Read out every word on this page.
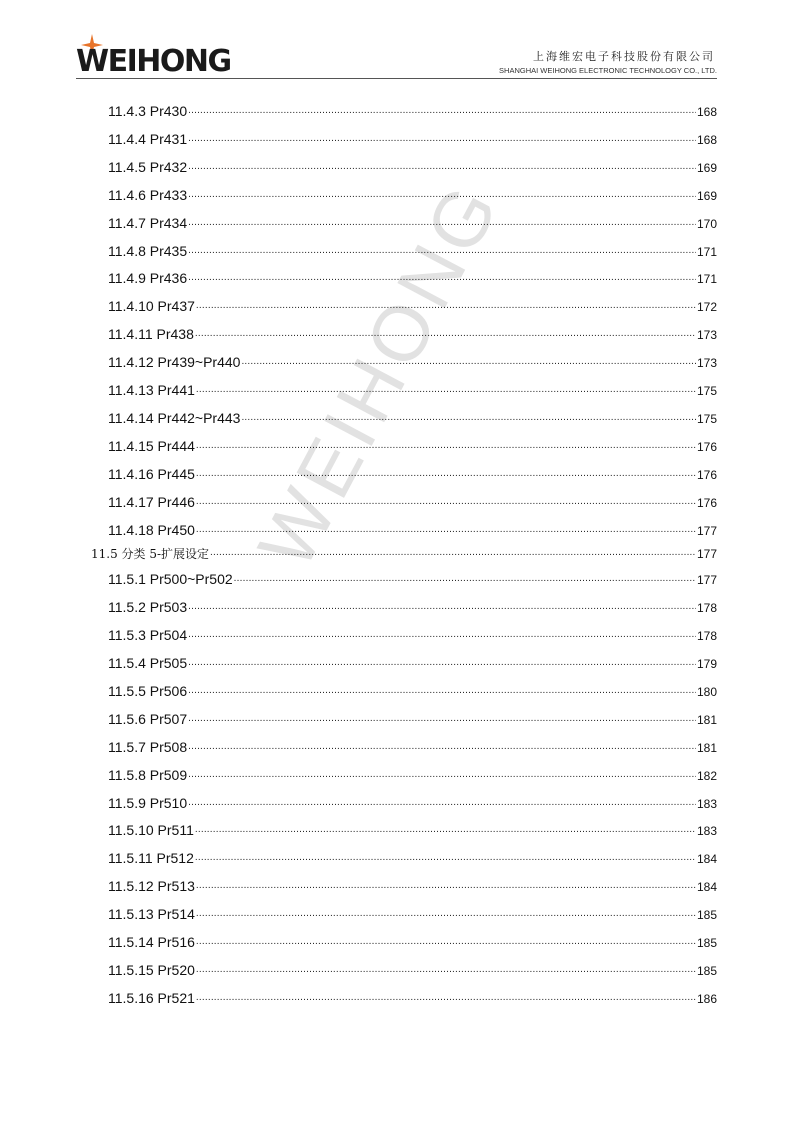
WEIHONG	上海维宏电子科技股份有限公司
SHANGHAI WEIHONG ELECTRONIC TECHNOLOGY CO., LTD.
WEIHONG
11.4.3 Pr430 .....	168
11.4.4 Pr431 .....	168
11.4.5 Pr432 .....	169
11.4.6 Pr433 .....	169
11.4.7 Pr434 .....	170
11.4.8 Pr435 .....	171
11.4.9 Pr436 .....	171
11.4.10 Pr437 .....	172
11.4.11 Pr438 .....	173
11.4.12 Pr439~Pr440 .....	173
11.4.13 Pr441 .....	175
11.4.14 Pr442~Pr443 .....	175
11.4.15 Pr444 .....	176
11.4.16 Pr445 .....	176
11.4.17 Pr446 .....	176
11.4.18 Pr450 .....	177
11.5 分类 5-扩展设定 .....	177
11.5.1 Pr500~Pr502 .....	177
11.5.2 Pr503 .....	178
11.5.3 Pr504 .....	178
11.5.4 Pr505 .....	179
11.5.5 Pr506 .....	180
11.5.6 Pr507 .....	181
11.5.7 Pr508 .....	181
11.5.8 Pr509 .....	182
11.5.9 Pr510 .....	183
11.5.10 Pr511 .....	183
11.5.11 Pr512 .....	184
11.5.12 Pr513 .....	184
11.5.13 Pr514 .....	185
11.5.14 Pr516 .....	185
11.5.15 Pr520 .....	185
11.5.16 Pr521 .....	186
